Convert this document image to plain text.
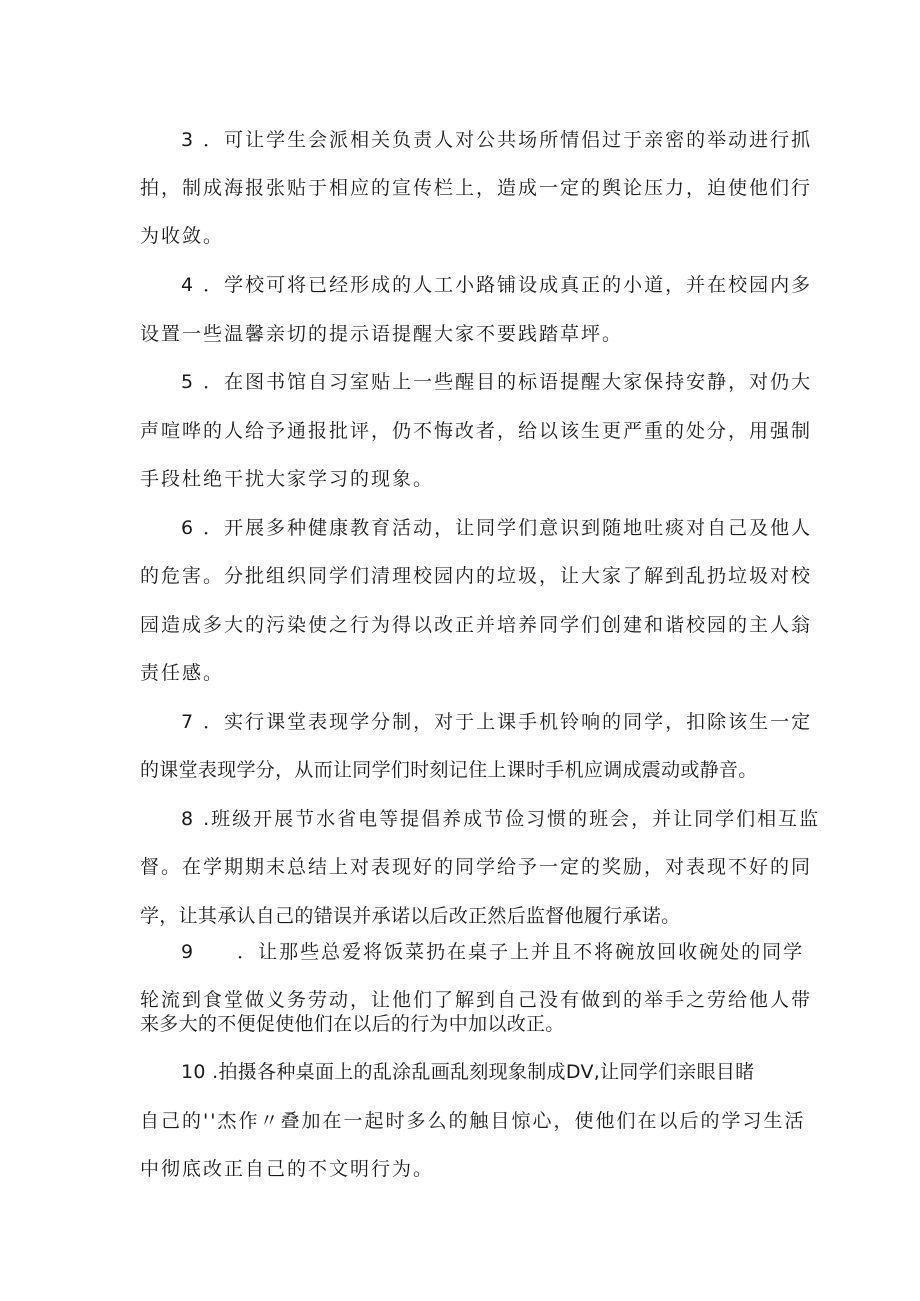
3 ．可让学生会派相关负责人对公共场所情侣过于亲密的举动进行抓
拍，制成海报张贴于相应的宣传栏上，造成一定的舆论压力，迫使他们行
为收敛。
4 ．学校可将已经形成的人工小路铺设成真正的小道，并在校园内多
设置一些温馨亲切的提示语提醒大家不要践踏草坪。
5 ．在图书馆自习室贴上一些醒目的标语提醒大家保持安静，对仍大
声喧哗的人给予通报批评，仍不悔改者，给以该生更严重的处分，用强制
手段杜绝干扰大家学习的现象。
6 ．开展多种健康教育活动，让同学们意识到随地吐痰对自己及他人
的危害。分批组织同学们清理校园内的垃圾，让大家了解到乱扔垃圾对校
园造成多大的污染使之行为得以改正并培养同学们创建和谐校园的主人翁
责任感。
7 ．实行课堂表现学分制，对于上课手机铃响的同学，扣除该生一定
的课堂表现学分，从而让同学们时刻记住上课时手机应调成震动或静音。
8 .班级开展节水省电等提倡养成节俭习惯的班会，并让同学们相互监
督。在学期期末总结上对表现好的同学给予一定的奖励，对表现不好的同
学，让其承认自己的错误并承诺以后改正然后监督他履行承诺。
9　　．让那些总爱将饭菜扔在桌子上并且不将碗放回收碗处的同学
轮流到食堂做义务劳动，让他们了解到自己没有做到的举手之劳给他人带
来多大的不便促使他们在以后的行为中加以改正。
10 .拍摄各种桌面上的乱涂乱画乱刻现象制成DV,让同学们亲眼目睹
自己的''杰作〃叠加在一起时多么的触目惊心，使他们在以后的学习生活
中彻底改正自己的不文明行为。
